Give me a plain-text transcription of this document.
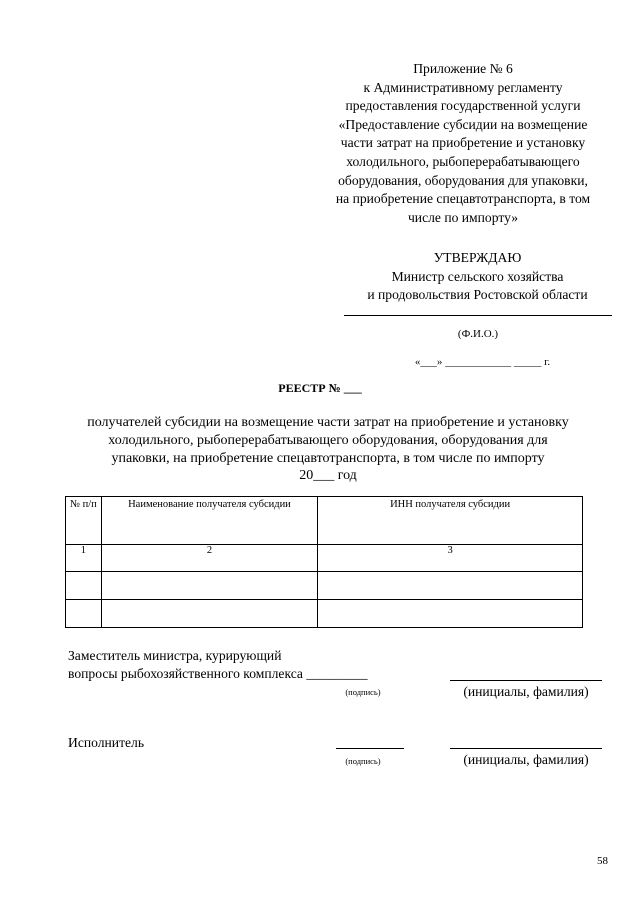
Приложение № 6
к Административному регламенту
предоставления государственной услуги
«Предоставление субсидии на возмещение
части затрат на приобретение и установку
холодильного, рыбоперерабатывающего
оборудования, оборудования для упаковки,
на приобретение спецавтотранспорта, в том
числе по импорту»
УТВЕРЖДАЮ
Министр сельского хозяйства
и продовольствия Ростовской области
(Ф.И.О.)
«___» ____________ _____ г.
РЕЕСТР № ___
получателей субсидии на возмещение части затрат на приобретение и установку
холодильного, рыбоперерабатывающего оборудования, оборудования для
упаковки, на приобретение спецавтотранспорта, в том числе по импорту
20___ год
№ п/п	Наименование получателя субсидии	ИНН получателя субсидии
1	2	3

Заместитель министра, курирующий
вопросы рыбохозяйственного комплекса _________
(подпись)	(инициалы, фамилия)
Исполнитель
(подпись)	(инициалы, фамилия)
58
